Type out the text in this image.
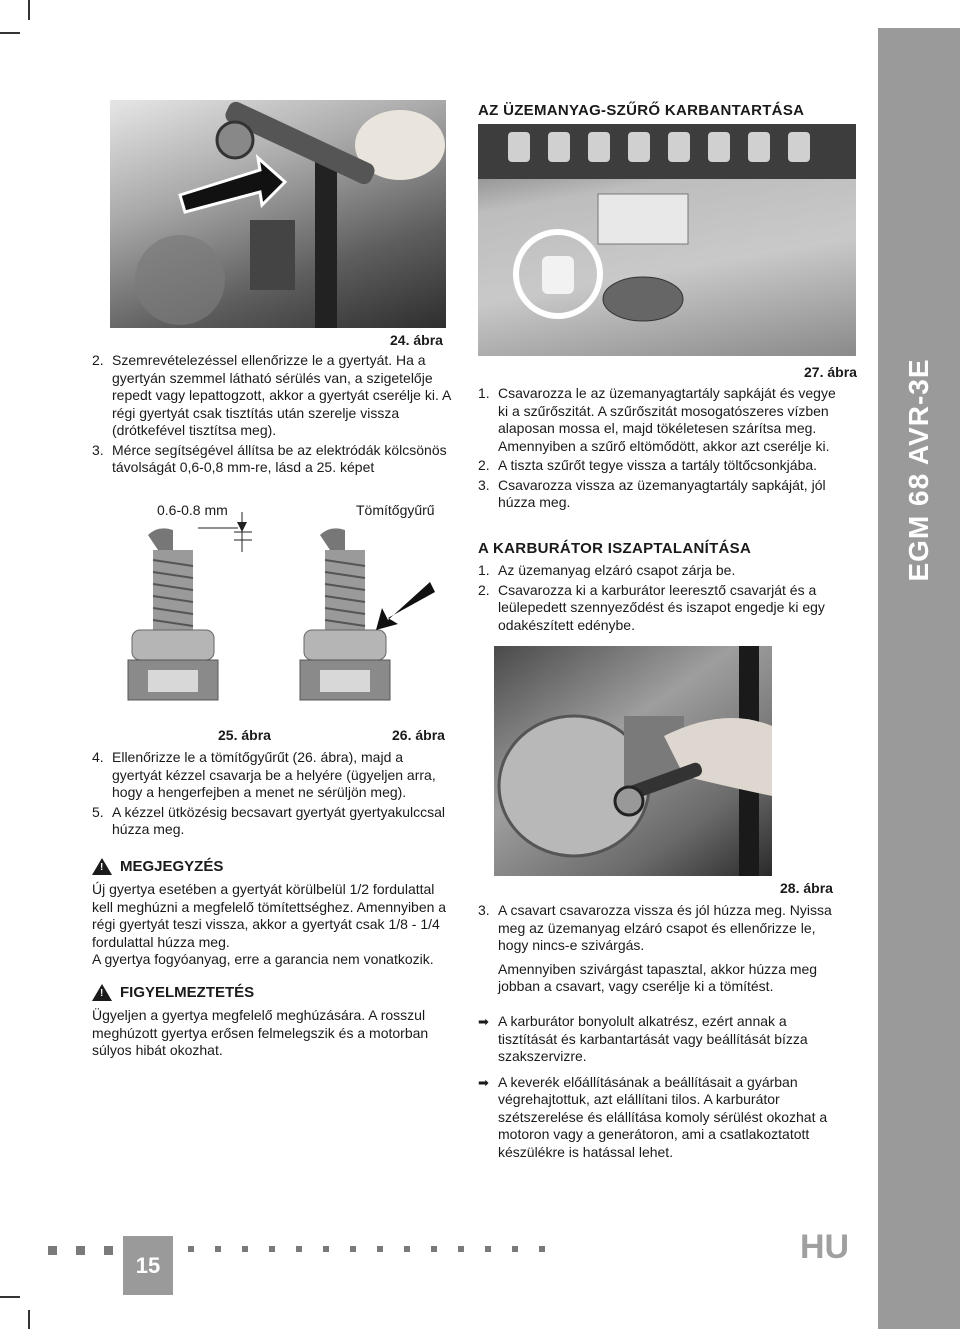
EGM 68 AVR-3E
24. ábra
2. Szemrevételezéssel ellenőrizze le a gyertyát. Ha a gyertyán szemmel látható sérülés van, a szigetelője repedt vagy lepattogzott, akkor a gyertyát cserélje ki. A régi gyertyát csak tisztítás után szerelje vissza (drótkefével tisztítsa meg).
3. Mérce segítségével állítsa be az elektródák kölcsönös távolságát 0,6-0,8 mm-re, lásd a 25. képet
0.6-0.8 mm	Tömítőgyűrű
25. ábra	26. ábra
4. Ellenőrizze le a tömítőgyűrűt (26. ábra), majd a gyertyát kézzel csavarja be a helyére (ügyeljen arra, hogy a hengerfejben a menet ne sérüljön meg).
5. A kézzel ütközésig becsavart gyertyát gyertyakulccsal húzza meg.
! MEGJEGYZÉS
Új gyertya esetében a gyertyát körülbelül 1/2 fordulattal kell meghúzni a megfelelő tömítettséghez. Amennyiben a régi gyertyát teszi vissza, akkor a gyertyát csak 1/8 - 1/4 fordulattal húzza meg.
A gyertya fogyóanyag, erre a garancia nem vonatkozik.
! FIGYELMEZTETÉS
Ügyeljen a gyertya megfelelő meghúzására. A rosszul meghúzott gyertya erősen felmelegszik és a motorban súlyos hibát okozhat.
AZ ÜZEMANYAG-SZŰRŐ KARBANTARTÁSA
27. ábra
1. Csavarozza le az üzemanyagtartály sapkáját és vegye ki a szűrőszitát. A szűrőszitát mosogatószeres vízben alaposan mossa el, majd tökéletesen szárítsa meg. Amennyiben a szűrő eltömődött, akkor azt cserélje ki.
2. A tiszta szűrőt tegye vissza a tartály töltőcsonkjába.
3. Csavarozza vissza az üzemanyagtartály sapkáját, jól húzza meg.
A KARBURÁTOR ISZAPTALANÍTÁSA
1. Az üzemanyag elzáró csapot zárja be.
2. Csavarozza ki a karburátor leeresztő csavarját és a leülepedett szennyeződést és iszapot engedje ki egy odakészített edénybe.
28. ábra
3. A csavart csavarozza vissza és jól húzza meg. Nyissa meg az üzemanyag elzáró csapot és ellenőrizze le, hogy nincs-e szivárgás.
Amennyiben szivárgást tapasztal, akkor húzza meg jobban a csavart, vagy cserélje ki a tömítést.
➡ A karburátor bonyolult alkatrész, ezért annak a tisztítását és karbantartását vagy beállítását bízza szakszervizre.
➡ A keverék előállításának a beállításait a gyárban végrehajtottuk, azt elállítani tilos. A karburátor szétszerelése és elállítása komoly sérülést okozhat a motoron vagy a generátoron, ami a csatlakoztatott készülékre is hatással lehet.
15	HU
